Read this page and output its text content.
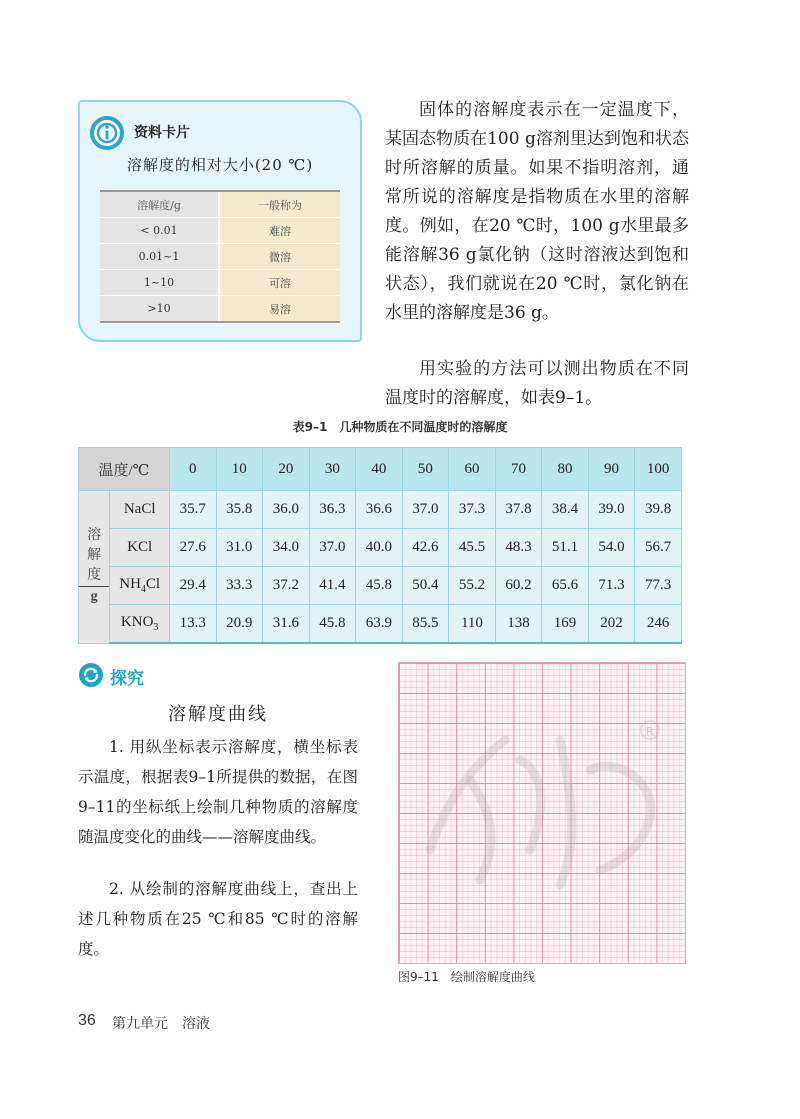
资料卡片
溶解度的相对大小(20 ℃)
溶解度/g	一般称为
< 0.01	难溶
0.01~1	微溶
1~10	可溶
>10	易溶
固体的溶解度表示在一定温度下，某固态物质在100 g溶剂里达到饱和状态时所溶解的质量。如果不指明溶剂，通常所说的溶解度是指物质在水里的溶解度。例如，在20 ℃时，100 g水里最多能溶解36 g氯化钠（这时溶液达到饱和状态），我们就说在20 ℃时，氯化钠在水里的溶解度是36 g。
用实验的方法可以测出物质在不同温度时的溶解度，如表9–1。
表9–1　几种物质在不同温度时的溶解度
温度/℃		0	10	20	30	40	50	60	70	80	90	100

溶
解
度
g	NaCl	35.7	35.8	36.0	36.3	36.6	37.0	37.3	37.8	38.4	39.0	39.8
	KCl	27.6	31.0	34.0	37.0	40.0	42.6	45.5	48.3	51.1	54.0	56.7
	$NH_4Cl$	29.4	33.3	37.2	41.4	45.8	50.4	55.2	60.2	65.6	71.3	77.3
	$KNO_3$	13.3	20.9	31.6	45.8	63.9	85.5	110	138	169	202	246
探究
溶解度曲线
1. 用纵坐标表示溶解度，横坐标表示温度，根据表9–1所提供的数据，在图9–11的坐标纸上绘制几种物质的溶解度随温度变化的曲线——溶解度曲线。
2. 从绘制的溶解度曲线上，查出上述几种物质在25 ℃和85 ℃时的溶解度。
R
图9–11　绘制溶解度曲线
36 第九单元　溶液
